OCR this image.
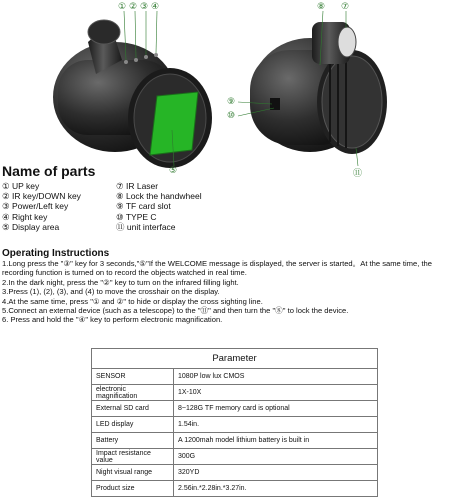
① ② ③ ④
⑤
⑦
⑧
⑨
⑩
⑪
Name of parts
① UP key
② IR key/DOWN key
③ Power/Left key
④ Right key
⑤ Display area
⑦ IR Laser
⑧ Lock the handwheel
⑨ TF card slot
⑩ TYPE C
⑪ unit interface
Operating Instructions
1.Long press the "③" key for 3 seconds,"⑤"If the WELCOME message is displayed, the server is started。At the same time, the recording function is turned on to record the objects watched in real time.
2.In the dark night, press the "②" key to turn on the infrared filling light.
3.Press (1), (2), (3), and (4) to move the crosshair on the display.
4.At the same time, press "① and ②" to hide or display the cross sighting line.
5.Connect an external device (such as a telescope) to the "⑪" and then turn the "⑧" to lock the device.
6. Press and hold the "④" key to perform electronic magnification.
Parameter	
SENSOR	1080P low lux CMOS
electronic magnification	1X-10X
External SD card	8~128G TF memory card is optional
LED display	1.54in.
Battery	A 1200mah model lithium battery is built in
Impact resistance value	300G
Night visual range	320YD
Product size	2.56in.*2.28in.*3.27in.
